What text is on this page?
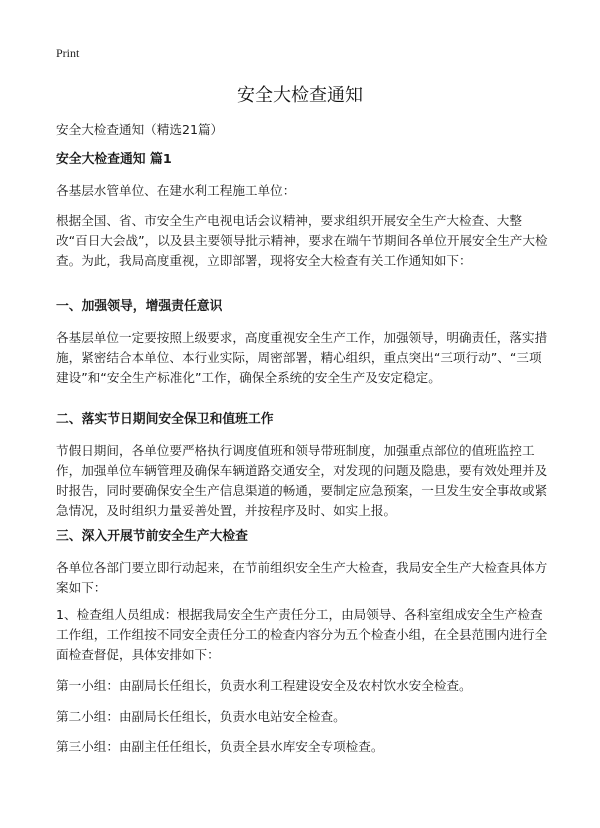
Print
安全大检查通知

安全大检查通知（精选21篇）

安全大检查通知 篇1

各基层水管单位、在建水利工程施工单位：

根据全国、省、市安全生产电视电话会议精神，要求组织开展安全生产大检查、大整改“百日大会战”，以及县主要领导批示精神，要求在端午节期间各单位开展安全生产大检查。为此，我局高度重视，立即部署，现将安全大检查有关工作通知如下：

一、加强领导，增强责任意识

各基层单位一定要按照上级要求，高度重视安全生产工作，加强领导，明确责任，落实措施，紧密结合本单位、本行业实际，周密部署，精心组织，重点突出“三项行动”、“三项建设”和“安全生产标准化”工作，确保全系统的安全生产及安定稳定。

二、落实节日期间安全保卫和值班工作

节假日期间，各单位要严格执行调度值班和领导带班制度，加强重点部位的值班监控工作，加强单位车辆管理及确保车辆道路交通安全，对发现的问题及隐患，要有效处理并及时报告，同时要确保安全生产信息渠道的畅通，要制定应急预案，一旦发生安全事故或紧急情况，及时组织力量妥善处置，并按程序及时、如实上报。

三、深入开展节前安全生产大检查

各单位各部门要立即行动起来，在节前组织安全生产大检查，我局安全生产大检查具体方案如下：

1、检查组人员组成：根据我局安全生产责任分工，由局领导、各科室组成安全生产检查工作组，工作组按不同安全责任分工的检查内容分为五个检查小组，在全县范围内进行全面检查督促，具体安排如下：

第一小组：由副局长任组长，负责水利工程建设安全及农村饮水安全检查。

第二小组：由副局长任组长，负责水电站安全检查。

第三小组：由副主任任组长，负责全县水库安全专项检查。
